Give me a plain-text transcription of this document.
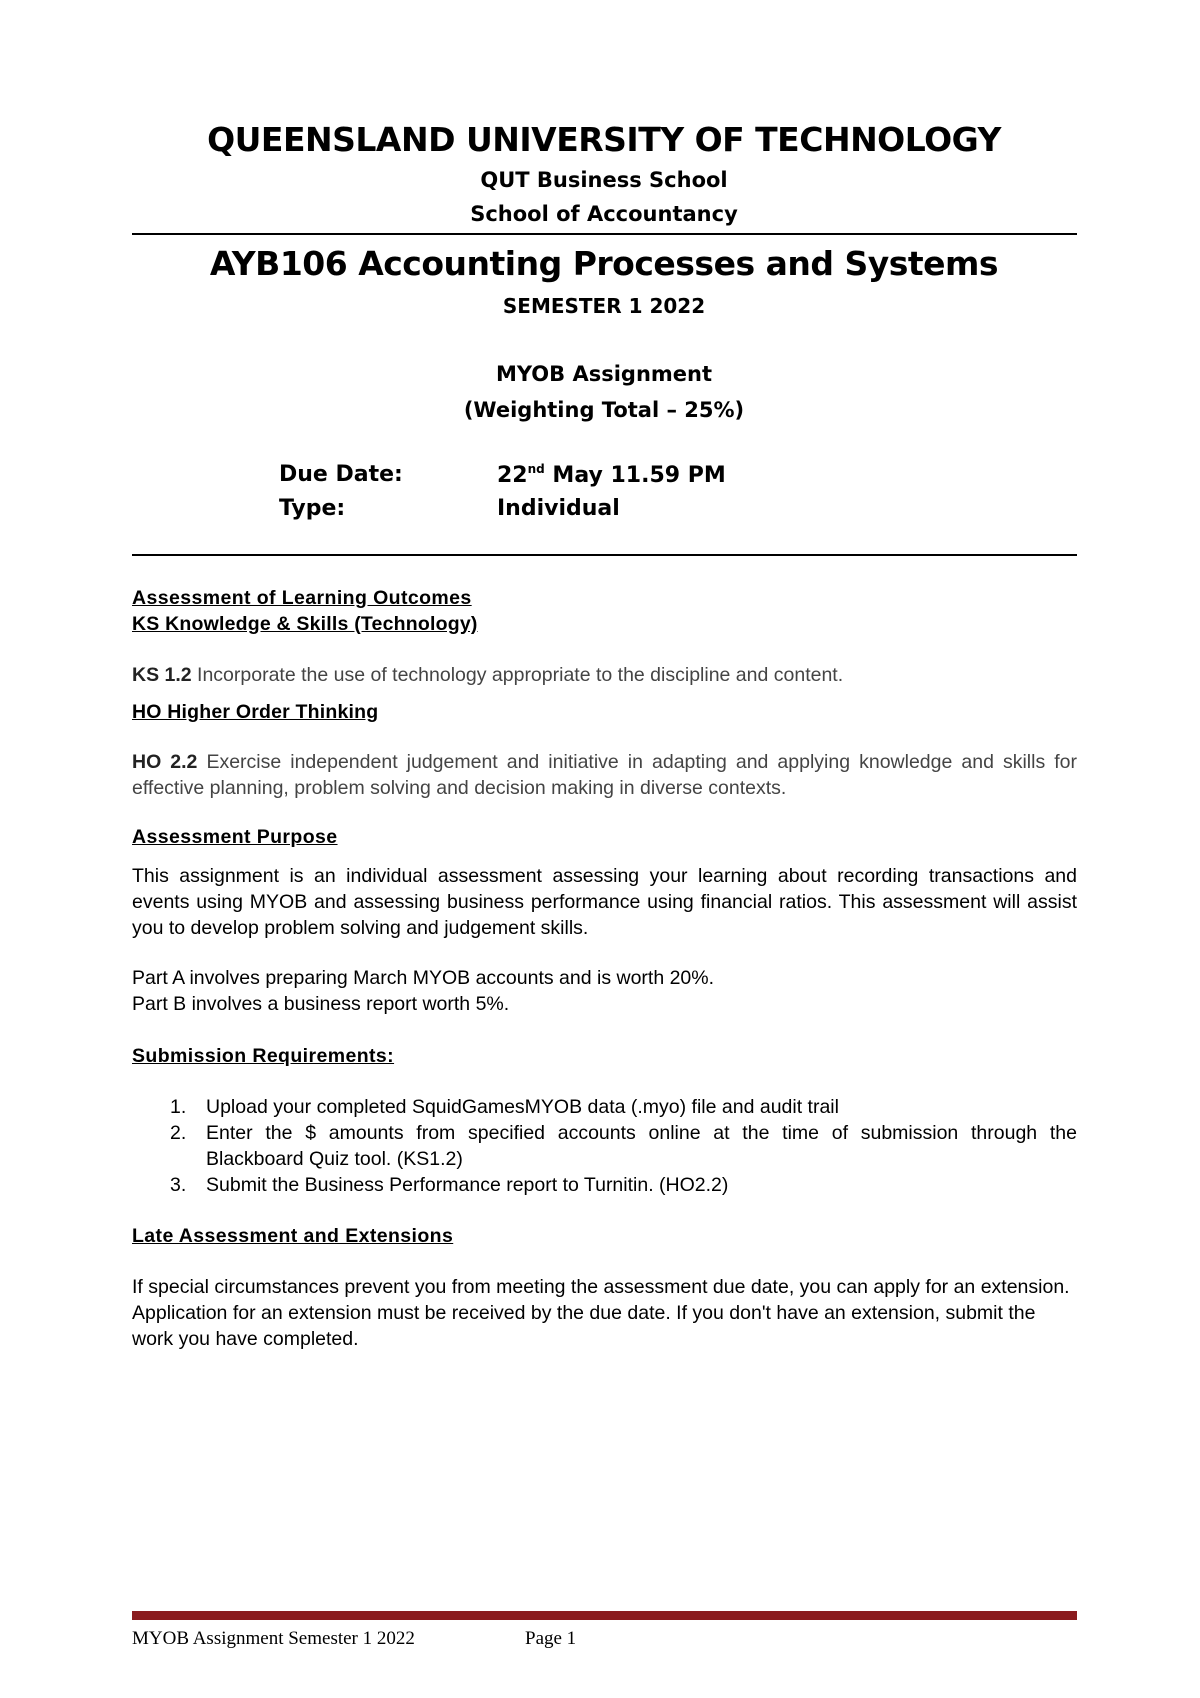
QUEENSLAND UNIVERSITY OF TECHNOLOGY
QUT Business School
School of Accountancy
AYB106 Accounting Processes and Systems
SEMESTER 1 2022
MYOB Assignment
(Weighting Total – 25%)
Due Date:	22nd May 11.59 PM
Type:	Individual
Assessment of Learning Outcomes
KS Knowledge & Skills (Technology)
KS 1.2 Incorporate the use of technology appropriate to the discipline and content.
HO Higher Order Thinking
HO 2.2 Exercise independent judgement and initiative in adapting and applying knowledge and skills for effective planning, problem solving and decision making in diverse contexts.
Assessment Purpose
This assignment is an individual assessment assessing your learning about recording transactions and events using MYOB and assessing business performance using financial ratios. This assessment will assist you to develop problem solving and judgement skills.
Part A involves preparing March MYOB accounts and is worth 20%.
Part B involves a business report worth 5%.
Submission Requirements:
1. Upload your completed SquidGamesMYOB data (.myo) file and audit trail
2. Enter the $ amounts from specified accounts online at the time of submission through the Blackboard Quiz tool. (KS1.2)
3. Submit the Business Performance report to Turnitin. (HO2.2)
Late Assessment and Extensions
If special circumstances prevent you from meeting the assessment due date, you can apply for an extension. Application for an extension must be received by the due date. If you don't have an extension, submit the work you have completed.
MYOB Assignment Semester 1 2022	Page 1
